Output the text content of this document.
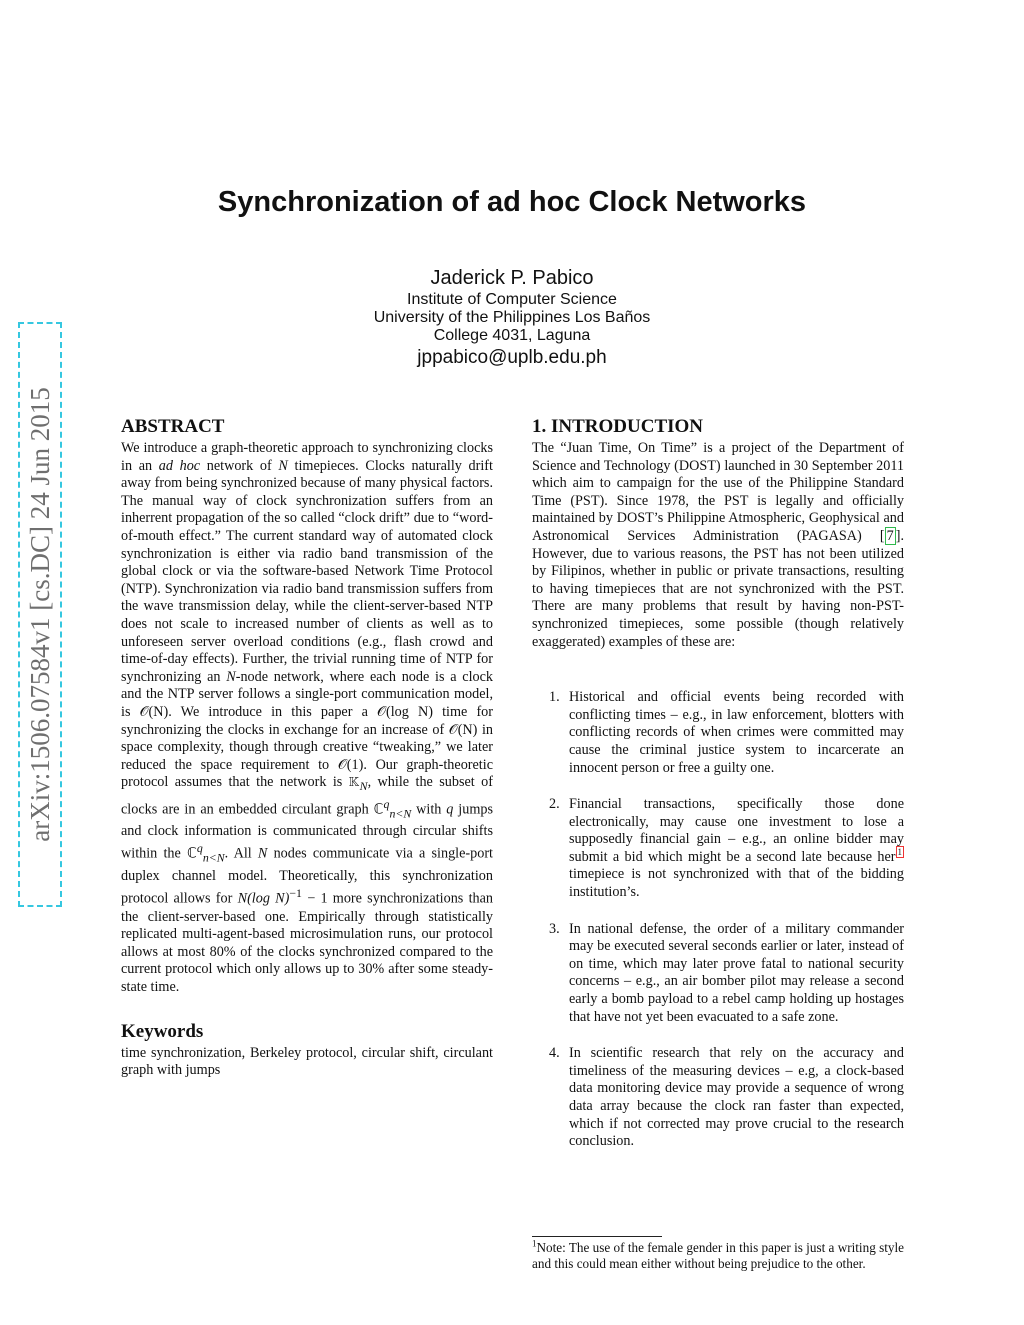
arXiv:1506.07584v1 [cs.DC] 24 Jun 2015
Synchronization of ad hoc Clock Networks
Jaderick P. Pabico
Institute of Computer Science
University of the Philippines Los Baños
College 4031, Laguna
jppabico@uplb.edu.ph
ABSTRACT

We introduce a graph-theoretic approach to synchronizing clocks in an ad hoc network of N timepieces. Clocks naturally drift away from being synchronized because of many physical factors. The manual way of clock synchronization suffers from an inherrent propagation of the so called “clock drift” due to “word-of-mouth effect.” The current standard way of automated clock synchronization is either via radio band transmission of the global clock or via the software-based Network Time Protocol (NTP). Synchronization via radio band transmission suffers from the wave transmission delay, while the client-server-based NTP does not scale to increased number of clients as well as to unforeseen server overload conditions (e.g., flash crowd and time-of-day effects). Further, the trivial running time of NTP for synchronizing an N-node network, where each node is a clock and the NTP server follows a single-port communication model, is 𝒪(N). We introduce in this paper a 𝒪(log N) time for synchronizing the clocks in exchange for an increase of 𝒪(N) in space complexity, though through creative “tweaking,” we later reduced the space requirement to 𝒪(1). Our graph-theoretic protocol assumes that the network is 𝕂$_N$, while the subset of clocks are in an embedded circulant graph ℂ$^q_{n<N}$ with q jumps and clock information is communicated through circular shifts within the ℂ$^q_{n<N}$. All N nodes communicate via a single-port duplex channel model. Theoretically, this synchronization protocol allows for N(log N)$^{-1}$ − 1 more synchronizations than the client-server-based one. Empirically through statistically replicated multi-agent-based microsimulation runs, our protocol allows at most 80% of the clocks synchronized compared to the current protocol which only allows up to 30% after some steady-state time.

Keywords

time synchronization, Berkeley protocol, circular shift, circulant graph with jumps

1. INTRODUCTION

The “Juan Time, On Time” is a project of the Department of Science and Technology (DOST) launched in 30 September 2011 which aim to campaign for the use of the Philippine Standard Time (PST). Since 1978, the PST is legally and officially maintained by DOST’s Philippine Atmospheric, Geophysical and Astronomical Services Administration (PAGASA) [ 7 ]. However, due to various reasons, the PST has not been utilized by Filipinos, whether in public or private transactions, resulting to having timepieces that are not synchronized with the PST. There are many problems that result by having non-PST-synchronized timepieces, some possible (though relatively exaggerated) examples of these are:

1. Historical and official events being recorded with conflicting times – e.g., in law enforcement, blotters with conflicting records of when crimes were committed may cause the criminal justice system to incarcerate an innocent person or free a guilty one.
2. Financial transactions, specifically those done electronically, may cause one investment to lose a supposedly financial gain – e.g., an online bidder may submit a bid which might be a second late because her $^1$ timepiece is not synchronized with that of the bidding institution’s.
3. In national defense, the order of a military commander may be executed several seconds earlier or later, instead of on time, which may later prove fatal to national security concerns – e.g., an air bomber pilot may release a second early a bomb payload to a rebel camp holding up hostages that have not yet been evacuated to a safe zone.
4. In scientific research that rely on the accuracy and timeliness of the measuring devices – e.g, a clock-based data monitoring device may provide a sequence of wrong data array because the clock ran faster than expected, which if not corrected may prove crucial to the research conclusion.
$^1$Note: The use of the female gender in this paper is just a writing style and this could mean either without being prejudice to the other.
